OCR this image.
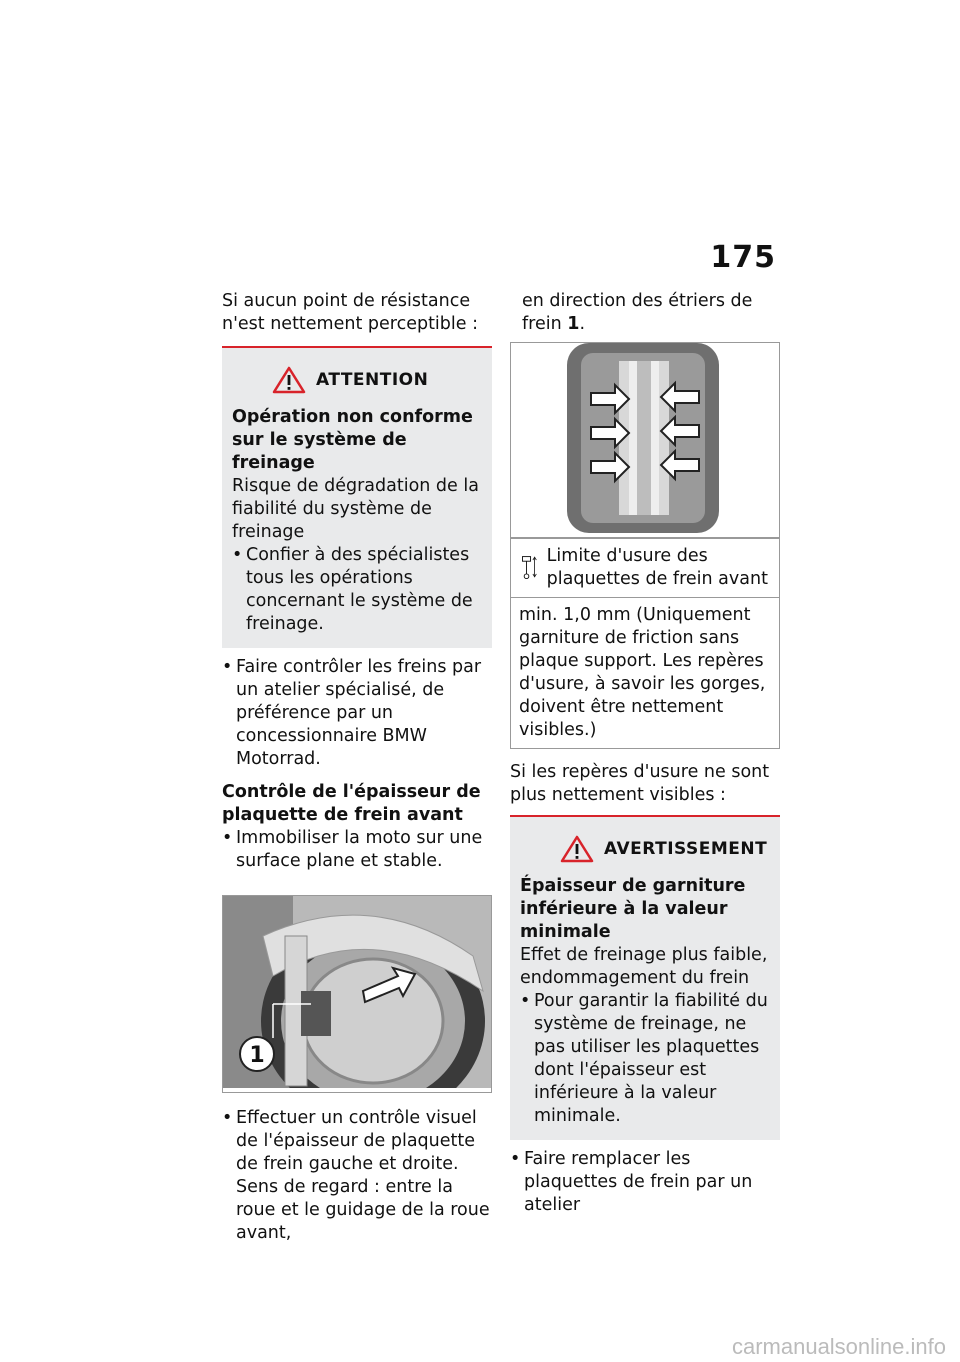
175

Si aucun point de résistance n'est nettement perceptible :

ATTENTION
Opération non conforme sur le système de freinage

Risque de dégradation de la fiabilité du système de freinage

• Confier à des spécialistes tous les opérations concernant le système de freinage.
• Faire contrôler les freins par un atelier spécialisé, de préférence par un concessionnaire BMW Motorrad.
Contrôle de l'épaisseur de plaquette de frein avant
• Immobiliser la moto sur une surface plane et stable.
1
• Effectuer un contrôle visuel de l'épaisseur de plaquette de frein gauche et droite. Sens de regard : entre la roue et le guidage de la roue avant,

en direction des étriers de frein 1.

Limite d'usure des plaquettes de frein avant
min. 1,0 mm (Uniquement garniture de friction sans plaque support. Les repères d'usure, à savoir les gorges, doivent être nettement visibles.)

Si les repères d'usure ne sont plus nettement visibles :

AVERTISSEMENT
Épaisseur de garniture inférieure à la valeur minimale

Effet de freinage plus faible, endommagement du frein

• Pour garantir la fiabilité du système de freinage, ne pas utiliser les plaquettes dont l'épaisseur est inférieure à la valeur minimale.
• Faire remplacer les plaquettes de frein par un atelier
carmanualsonline.info
